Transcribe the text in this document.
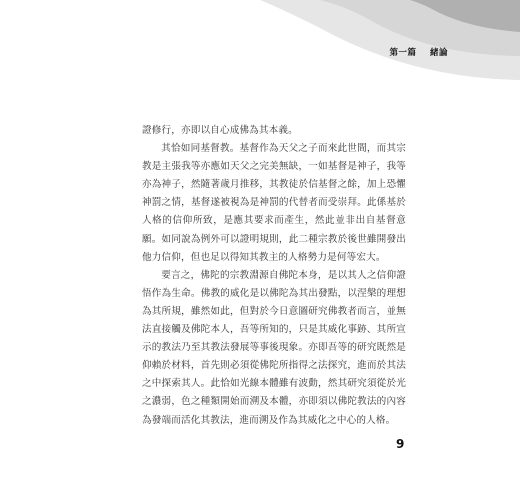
第一篇 緒論

證修行，亦即以自心成佛為其本義。

其恰如同基督教。基督作為天父之子而來此世間，而其宗教是主張我等亦應如天父之完美無缺，一如基督是神子，我等亦為神子，然隨著歲月推移，其教徒於信基督之餘，加上恐懼神罰之情，基督遂被視為是神罰的代替者而受崇拜。此係基於人格的信仰所致，是應其要求而產生，然此並非出自基督意願。如同說為例外可以證明規則，此二種宗教於後世雖開發出他力信仰，但也足以得知其教主的人格勢力是何等宏大。

要言之，佛陀的宗教淵源自佛陀本身，是以其人之信仰證悟作為生命。佛教的威化是以佛陀為其出發點，以涅槃的理想為其所規，雖然如此，但對於今日意圖研究佛教者而言，並無法直接觸及佛陀本人，吾等所知的，只是其威化事跡、其所宣示的教法乃至其教法發展等事後現象。亦即吾等的研究既然是仰賴於材料，首先則必須從佛陀所指得之法探究，進而於其法之中探索其人。此恰如光線本體雖有波動，然其研究須從於光之濃弱，色之種類開始而溯及本體，亦即須以佛陀教法的內容為發端而活化其教法，進而溯及作為其威化之中心的人格。

9
